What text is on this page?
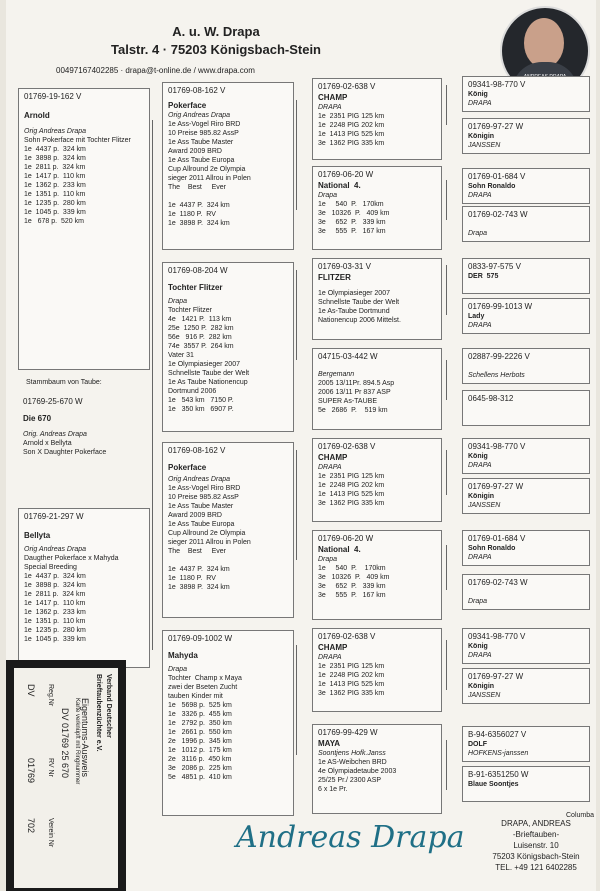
A. u. W. Drapa
Talstr. 4 · 75203 Königsbach-Stein
00497167402285 · drapa@t-online.de / www.drapa.com
01769-19-162 V
Arnold
Orig Andreas Drapa
Sohn Pokerface mit Tochter Flitzer
1e  4437 p.  324 km
1e  3898 p.  324 km
1e  2811 p.  324 km
1e  1417 p.  110 km
1e  1362 p.  233 km
1e  1351 p.  110 km
1e  1235 p.  280 km
1e  1045 p.  339 km
1e   678 p.  520 km
Stammbaum von Taube:
01769-25-670 W
Die 670
Orig. Andreas Drapa
Arnold x Bellyta
Son X Daughter Pokerface
01769-21-297 W
Bellyta
Orig Andreas Drapa
Daugther Pokerface x Mahyda
Special Breeding
1e  4437 p.  324 km
1e  3898 p.  324 km
1e  2811 p.  324 km
1e  1417 p.  110 km
1e  1362 p.  233 km
1e  1351 p.  110 km
1e  1235 p.  280 km
1e  1045 p.  339 km
01769-08-162 V
Pokerface
Orig Andreas Drapa
1e Ass-Vogel Riro BRD
10 Preise 985.82 AssP
1e Ass Taube Master
Award 2009 BRD
1e Ass Taube Europa
Cup Allround 2e Olympia
sieger 2011 Allrou in Polen
The    Best     Ever

1e  4437 P.  324 km
1e  1180 P.  RV
1e  3898 P.  324 km
01769-08-204 W
Tochter Flitzer
Drapa
Tochter Flitzer
4e   1421 P.  113 km
25e  1250 P.  282 km
56e   916 P.  282 km
74e  3557 P.  264 km
Vater 31
1e Olympiasieger 2007
Schnellste Taube der Welt
1e As Taube Nationencup
Dortmund 2006
1e   543 km   7150 P.
1e   350 km   6907 P.
01769-08-162 V
Pokerface
Orig Andreas Drapa
1e Ass-Vogel Riro BRD
10 Preise 985.82 AssP
1e Ass Taube Master
Award 2009 BRD
1e Ass Taube Europa
Cup Allround 2e Olympia
sieger 2011 Allrou in Polen
The    Best     Ever

1e  4437 P.  324 km
1e  1180 P.  RV
1e  3898 P.  324 km
01769-09-1002 W
Mahyda
Drapa
Tochter  Champ x Maya
zwei der Bseten Zucht
tauben Kinder mit
1e   5698 p.  525 km
1e   3326 p.  455 km
1e   2792 p.  350 km
1e   2661 p.  550 km
2e   1996 p.  345 km
1e   1012 p.  175 km
2e   3116 p.  450 km
3e   2086 p.  225 km
5e   4851 p.  410 km
01769-02-638 V
CHAMP
DRAPA
1e  2351 PIG 125 km
1e  2248 PIG 202 km
1e  1413 PIG 525 km
3e  1362 PIG 335 km
01769-06-20 W
National  4.
Drapa
1e     540  P.   170km
3e   10326  P.   409 km
3e     652  P.   339 km
3e     555  P.   167 km
01769-03-31 V
FLITZER
1e Olympiasieger 2007
Schnellste Taube der Welt
1e As-Taube Dortmund
Nationencup 2006 Mittelst.
04715-03-442 W
Bergemann
2005 13/11Pr. 894.5 Asp
2006 13/11 Pr 837 ASP
SUPER As-TAUBE
5e   2686  P.    519 km
01769-02-638 V
CHAMP
DRAPA
1e  2351 PIG 125 km
1e  2248 PIG 202 km
1e  1413 PIG 525 km
3e  1362 PIG 335 km
01769-06-20 W
National  4.
Drapa
1e     540  P.    170km
3e   10326  P.   409 km
3e     652  P.   339 km
3e     555  P.   167 km
01769-02-638 V
CHAMP
DRAPA
1e  2351 PIG 125 km
1e  2248 PIG 202 km
1e  1413 PIG 525 km
3e  1362 PIG 335 km
01769-99-429 W
MAYA
Soontjens Hofk.Janss
1e AS-Weibchen BRD
4e Olympiadetaube 2003
25/25 Pr./ 2300 ASP
6 x 1e Pr.
09341-98-770 V
König
DRAPA
01769-97-27 W
Königin
JANSSEN
01769-01-684 V
Sohn Ronaldo
DRAPA
01769-02-743 W

Drapa
0833-97-575 V
DER  575

01769-99-1013 W
Lady
DRAPA
02887-99-2226 V

Schellens Herbots
0645-98-312

09341-98-770 V
König
DRAPA
01769-97-27 W
Königin
JANSSEN
01769-01-684 V
Sohn Ronaldo
DRAPA
01769-02-743 W

Drapa
09341-98-770 V
König
DRAPA
01769-97-27 W
Königin
JANSSEN
B-94-6356027 V
DOLF
HOFKENS-janssen
B-91-6351250 W
Blaue Soontjes

Verband Deutscher
Brieftaubenzüchter e.V.
Eigentums-Ausweis
Karte verknüpft mit Ringnummer
DV 01769 25 670
Reg.Nr
RV Nr
Verein Nr
DV
01769
702	Andreas Drapa
Columba
DRAPA, ANDREAS
-Brieftauben-
Luisenstr. 10
75203 Königsbach-Stein
TEL. +49 121 6402285
